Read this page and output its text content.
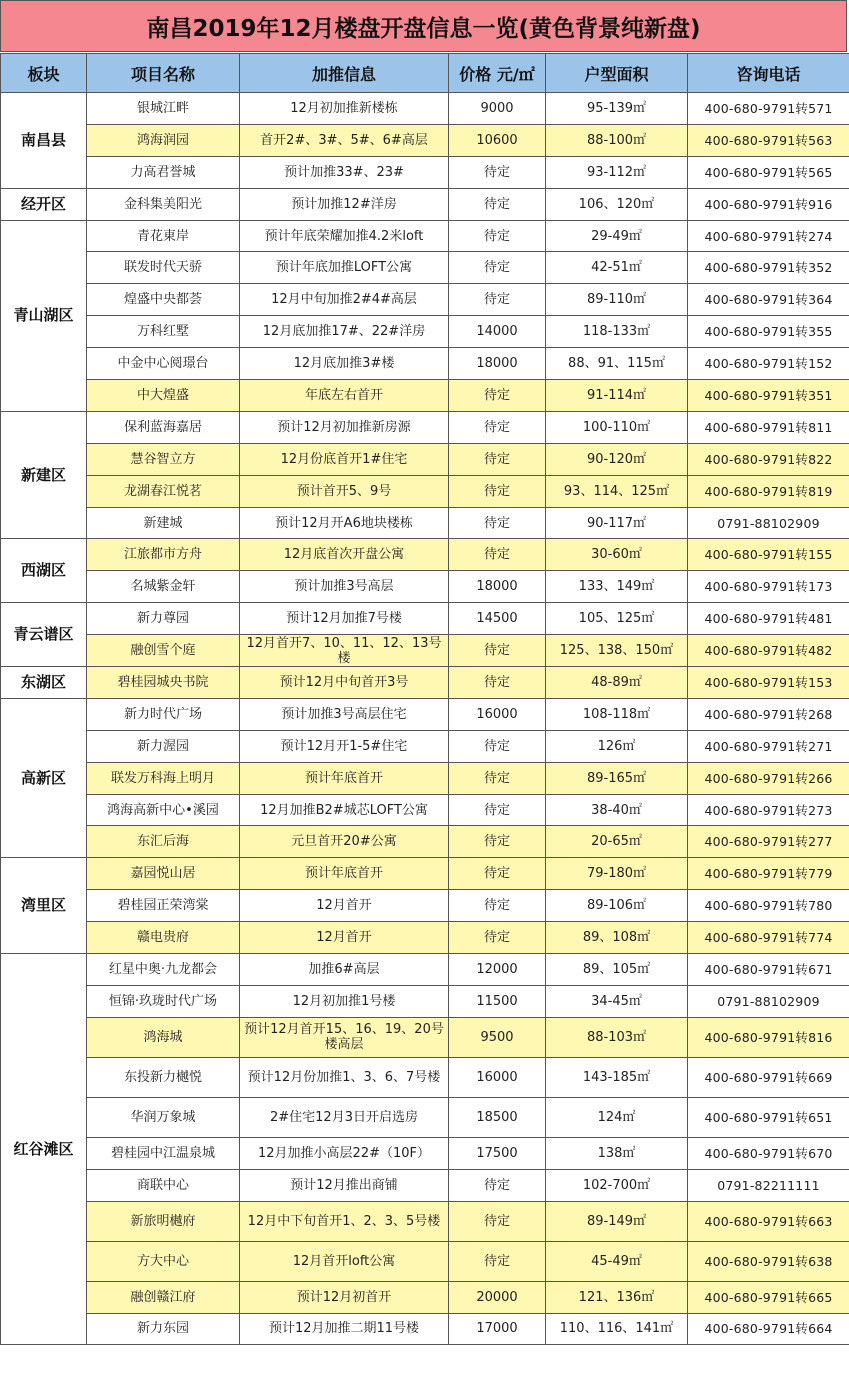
南昌2019年12月楼盘开盘信息一览(黄色背景纯新盘)
板块	项目名称	加推信息	价格 元/㎡	户型面积	咨询电话
南昌县	银城江畔	12月初加推新楼栋	9000	95-139㎡	400-680-9791转571
	鸿海润园	首开2#、3#、5#、6#高层	10600	88-100㎡	400-680-9791转563
	力高君誉城	预计加推33#、23#	待定	93-112㎡	400-680-9791转565
经开区	金科集美阳光	预计加推12#洋房	待定	106、120㎡	400-680-9791转916
青山湖区	青花東岸	预计年底荣耀加推4.2米loft	待定	29-49㎡	400-680-9791转274
	联发时代天骄	预计年底加推LOFT公寓	待定	42-51㎡	400-680-9791转352
	煌盛中央都荟	12月中旬加推2#4#高层	待定	89-110㎡	400-680-9791转364
	万科红墅	12月底加推17#、22#洋房	14000	118-133㎡	400-680-9791转355
	中金中心阅璟台	12月底加推3#楼	18000	88、91、115㎡	400-680-9791转152
	中大煌盛	年底左右首开	待定	91-114㎡	400-680-9791转351
新建区	保利蓝海嘉居	预计12月初加推新房源	待定	100-110㎡	400-680-9791转811
	慧谷智立方	12月份底首开1#住宅	待定	90-120㎡	400-680-9791转822
	龙湖春江悦茗	预计首开5、9号	待定	93、114、125㎡	400-680-9791转819
	新建城	预计12月开A6地块楼栋	待定	90-117㎡	0791-88102909
西湖区	江旅都市方舟	12月底首次开盘公寓	待定	30-60㎡	400-680-9791转155
	名城紫金轩	预计加推3号高层	18000	133、149㎡	400-680-9791转173
青云谱区	新力尊园	预计12月加推7号楼	14500	105、125㎡	400-680-9791转481
	融创雪个庭	12月首开7、10、11、12、13号楼	待定	125、138、150㎡	400-680-9791转482
东湖区	碧桂园城央书院	预计12月中旬首开3号	待定	48-89㎡	400-680-9791转153
高新区	新力时代广场	预计加推3号高层住宅	16000	108-118㎡	400-680-9791转268
	新力渥园	预计12月开1-5#住宅	待定	126㎡	400-680-9791转271
	联发万科海上明月	预计年底首开	待定	89-165㎡	400-680-9791转266
	鸿海高新中心•溪园	12月加推B2#城芯LOFT公寓	待定	38-40㎡	400-680-9791转273
	东汇后海	元旦首开20#公寓	待定	20-65㎡	400-680-9791转277
湾里区	嘉园悦山居	预计年底首开	待定	79-180㎡	400-680-9791转779
	碧桂园正荣湾棠	12月首开	待定	89-106㎡	400-680-9791转780
	赣电贵府	12月首开	待定	89、108㎡	400-680-9791转774
红谷滩区	红星中奥·九龙都会	加推6#高层	12000	89、105㎡	400-680-9791转671
	恒锦·玖珑时代广场	12月初加推1号楼	11500	34-45㎡	0791-88102909
	鸿海城	预计12月首开15、16、19、20号楼高层	9500	88-103㎡	400-680-9791转816
	东投新力樾悦	预计12月份加推1、3、6、7号楼	16000	143-185㎡	400-680-9791转669
	华润万象城	2#住宅12月3日开启选房	18500	124㎡	400-680-9791转651
	碧桂园中江温泉城	12月加推小高层22#（10F）	17500	138㎡	400-680-9791转670
	商联中心	预计12月推出商铺	待定	102-700㎡	0791-82211111
	新旅明樾府	12月中下旬首开1、2、3、5号楼	待定	89-149㎡	400-680-9791转663
	方大中心	12月首开loft公寓	待定	45-49㎡	400-680-9791转638
	融创赣江府	预计12月初首开	20000	121、136㎡	400-680-9791转665
	新力东园	预计12月加推二期11号楼	17000	110、116、141㎡	400-680-9791转664
